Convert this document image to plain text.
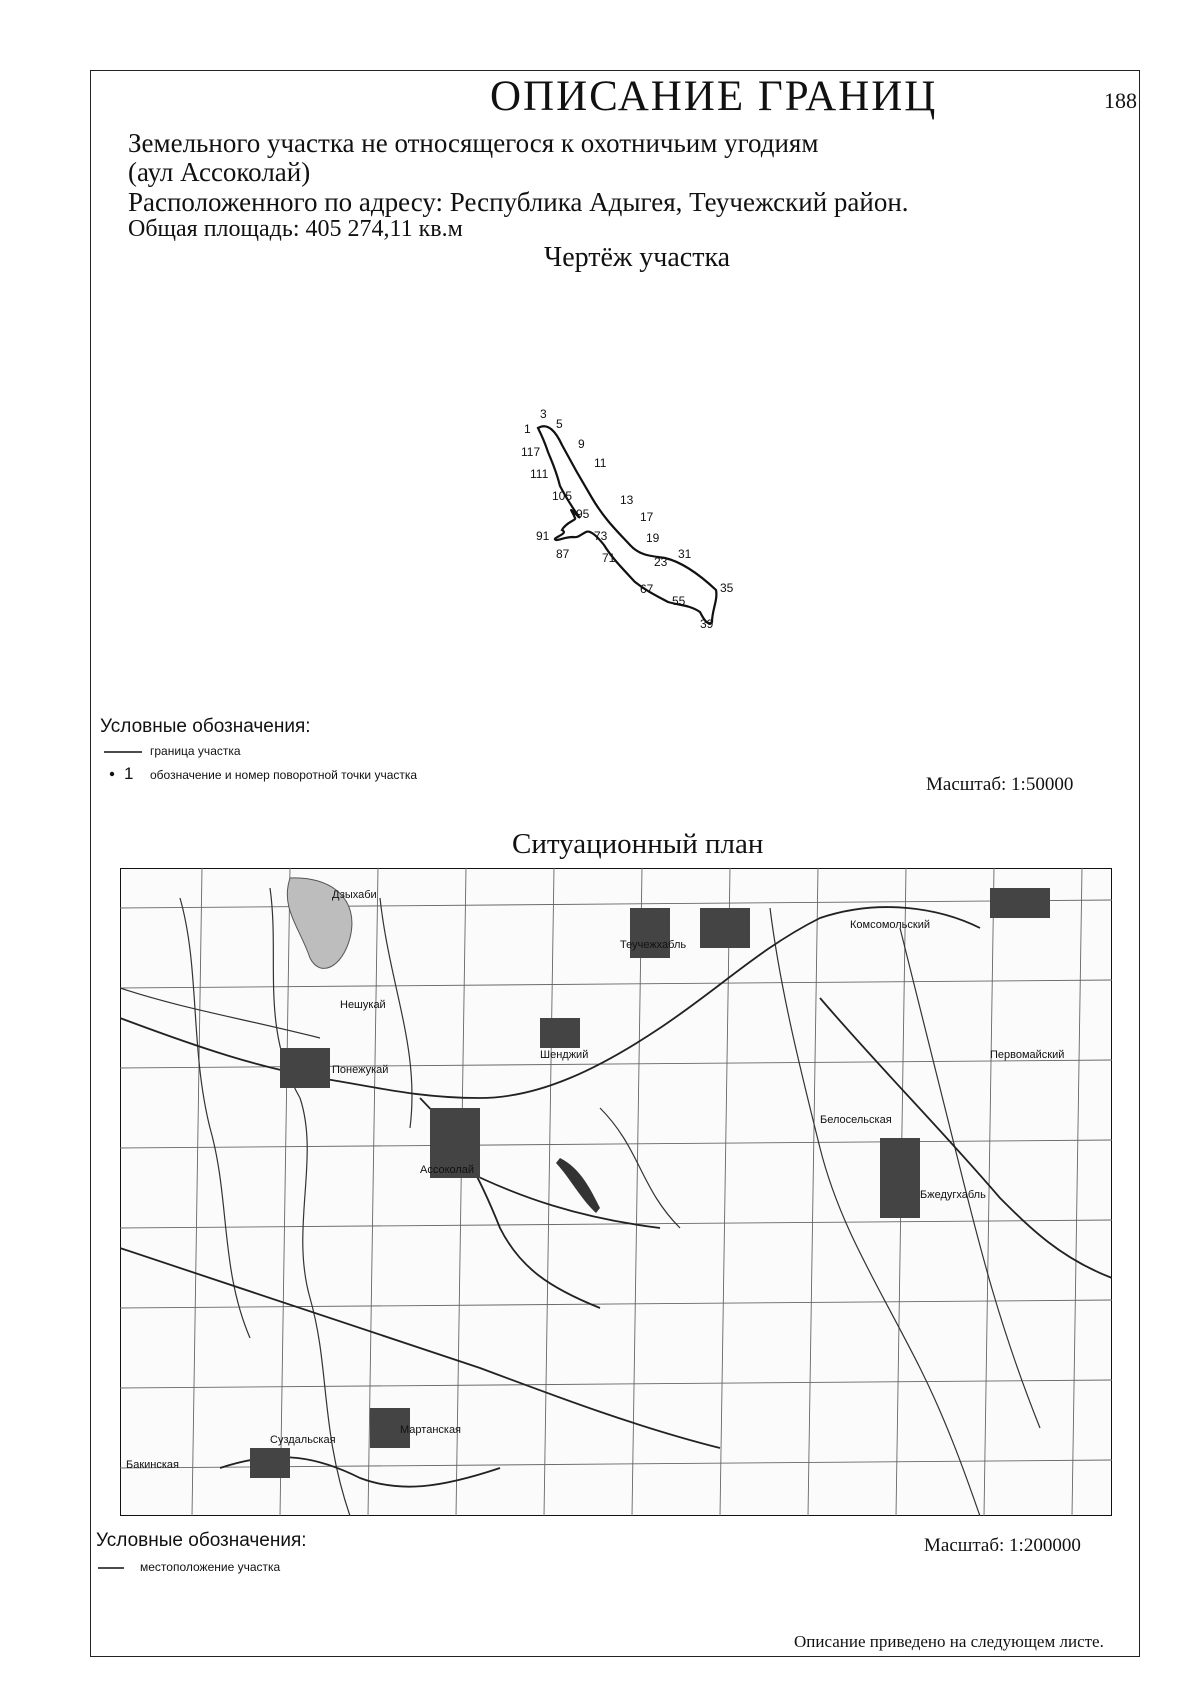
ОПИСАНИЕ ГРАНИЦ	188
Земельного участка не относящегося к охотничьим угодиям
(аул Ассоколай)
Расположенного по адресу: Республика Адыгея, Теучежский район.
Общая площадь: 405 274,11 кв.м
Чертёж участка
3
1 5
117
9
111
11
105	13
95	17
91	73	19
87	71	31
23
67	35
55
39
Условные обозначения:
граница участка
1 обозначение и номер поворотной точки участка	Масштаб: 1:50000
Ситуационный план
Дзыхаби
Понежукай
Ассоколай
Теучежхабль
Нешукай
Суздальская
Мартанская
Белосельская
Бжедугхабль
Первомайский
Комсомольский
Шенджий
Бакинская
Условные обозначения:
местоположение участка
Масштаб: 1:200000
Описание приведено на следующем листе.
